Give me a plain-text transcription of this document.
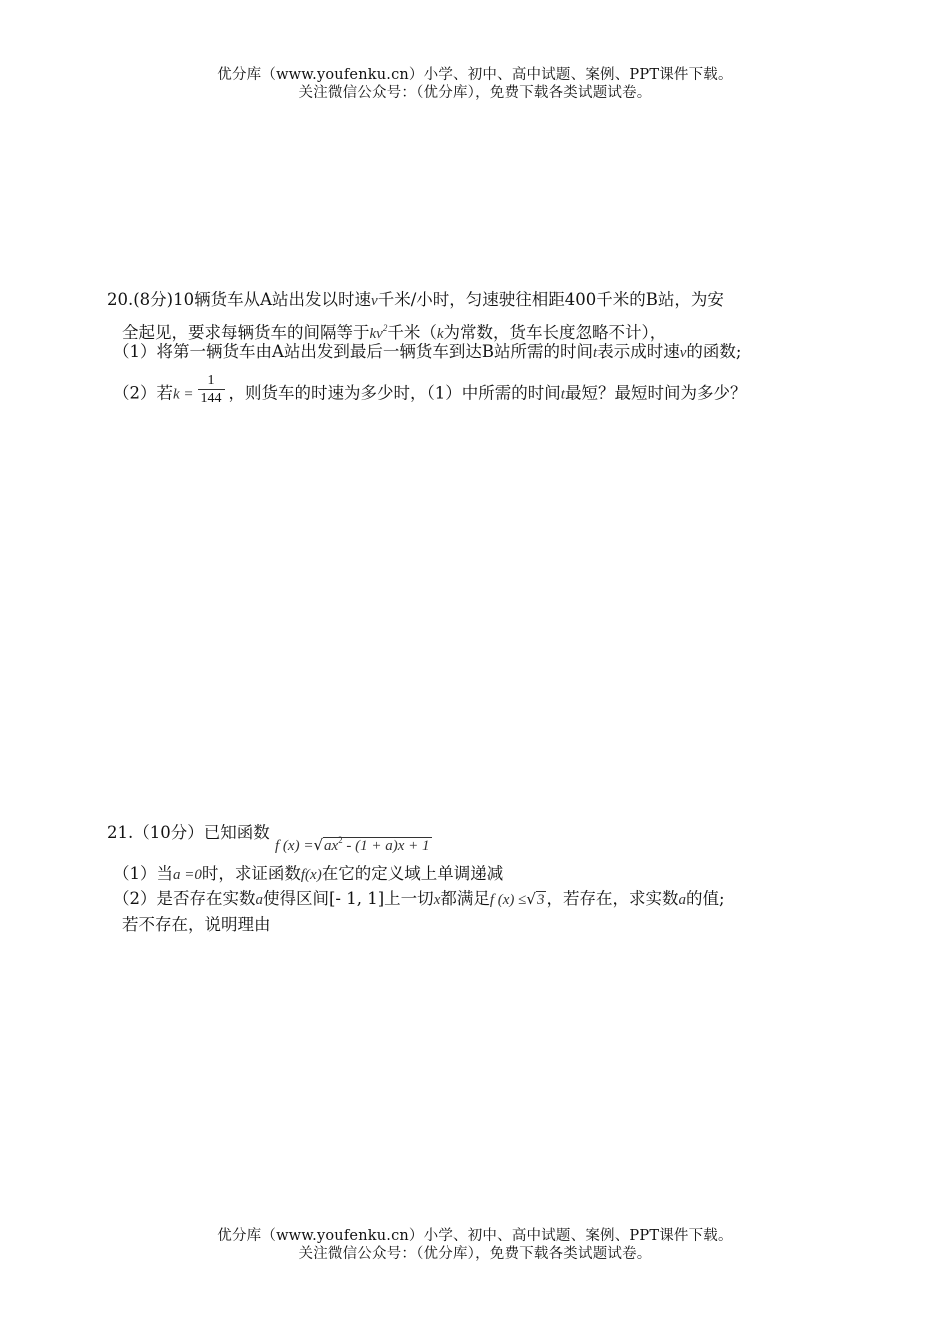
优分库（www.youfenku.cn）小学、初中、高中试题、案例、PPT课件下载。
关注微信公众号：（优分库），免费下载各类试题试卷。
20.(8分)10辆货车从A站出发以时速v千米/小时，匀速驶往相距400千米的B站，为安
全起见，要求每辆货车的间隔等于$kv^2$千米（k为常数，货车长度忽略不计），
（1）将第一辆货车由A站出发到最后一辆货车到达B站所需的时间t表示成时速v的函数;
（2）若$k = \frac{1}{144}$ ，则货车的时速为多少时，（1）中所需的时间t最短？最短时间为多少？
21.（10分）已知函数 f $(x) =√ax^2 - (1 + a)x + 1$
（1）当a =0时，求证函数f(x)在它的定义域上单调递减
（2）是否存在实数a使得区间[- 1, 1]上一切x都满足f (x) ≤√3 ，若存在，求实数a的值;
若不存在，说明理由
优分库（www.youfenku.cn）小学、初中、高中试题、案例、PPT课件下载。
关注微信公众号：（优分库），免费下载各类试题试卷。
